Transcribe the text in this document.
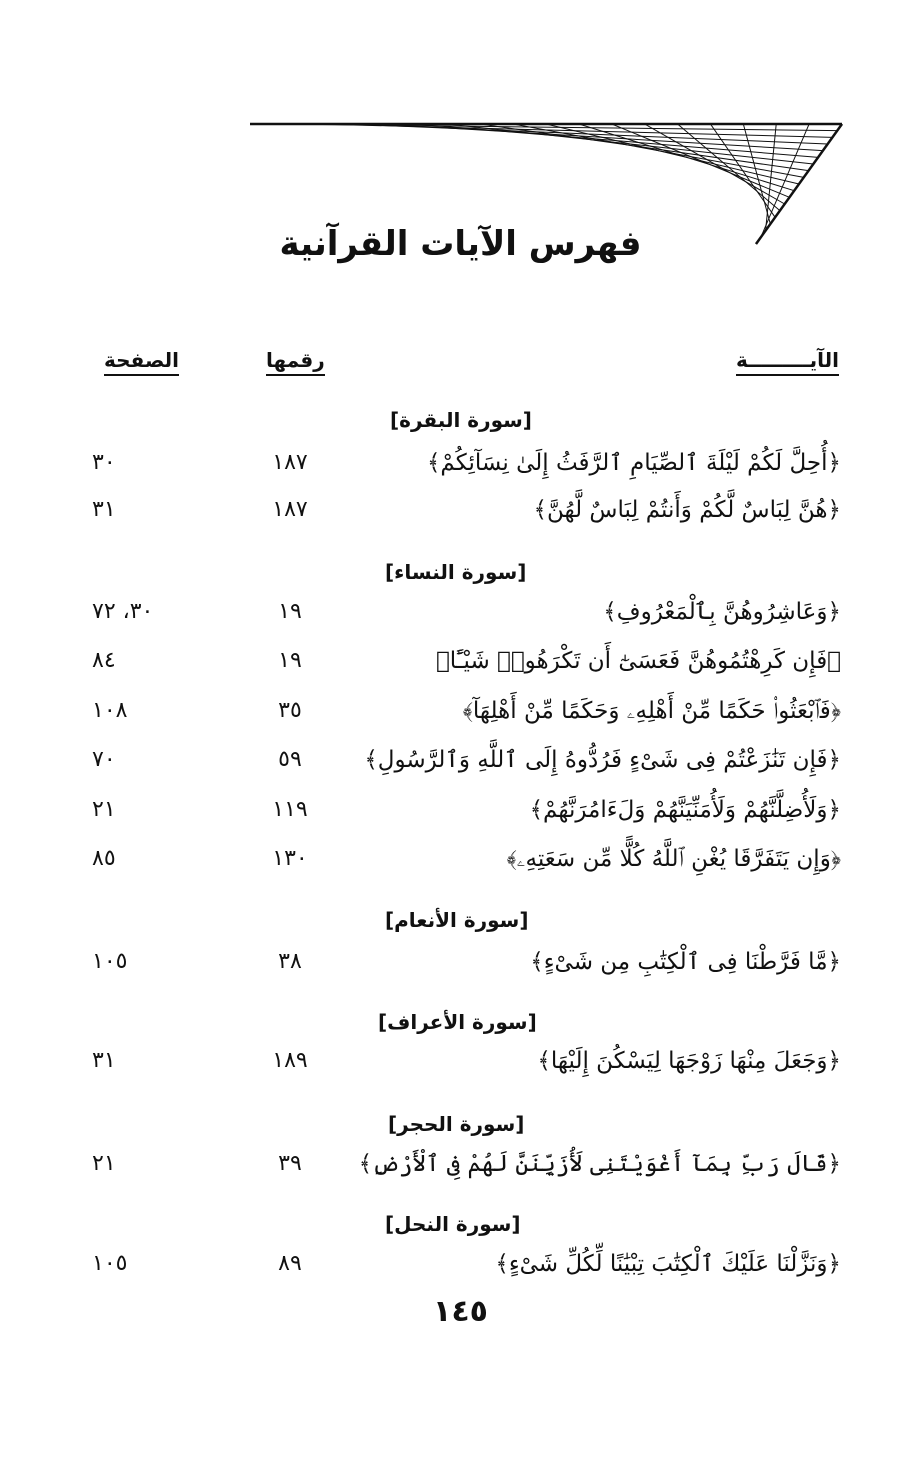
فهرس الآيات القرآنية
الآيـــــــــة
رقمها
الصفحة
[سورة البقرة]
﴿أُحِلَّ لَكُمْ لَيْلَةَ ٱلصِّيَامِ ٱلرَّفَثُ إِلَىٰ نِسَآئِكُمْ﴾
١٨٧
٣٠
﴿هُنَّ لِبَاسٌ لَّكُمْ وَأَنتُمْ لِبَاسٌ لَّهُنَّ﴾
١٨٧
٣١
[سورة النساء]
﴿وَعَاشِرُوهُنَّ بِٱلْمَعْرُوفِ﴾
١٩
٣٠، ٧٢
﴿فَإِن كَرِهْتُمُوهُنَّ فَعَسَىٰٓ أَن تَكْرَهُوا۟ شَيْـًٔا﴾
١٩
٨٤
﴿فَٱبْعَثُوا۟ حَكَمًا مِّنْ أَهْلِهِۦ وَحَكَمًا مِّنْ أَهْلِهَآ﴾
٣٥
١٠٨
﴿فَإِن تَنَٰزَعْتُمْ فِى شَىْءٍ فَرُدُّوهُ إِلَى ٱللَّهِ وَٱلرَّسُولِ﴾
٥٩
٧٠
﴿وَلَأُضِلَّنَّهُمْ وَلَأُمَنِّيَنَّهُمْ وَلَءَامُرَنَّهُمْ﴾
١١٩
٢١
﴿وَإِن يَتَفَرَّقَا يُغْنِ ٱللَّهُ كُلًّا مِّن سَعَتِهِۦ﴾
١٣٠
٨٥
[سورة الأنعام]
﴿مَّا فَرَّطْنَا فِى ٱلْكِتَٰبِ مِن شَىْءٍ﴾
٣٨
١٠٥
[سورة الأعراف]
﴿وَجَعَلَ مِنْهَا زَوْجَهَا لِيَسْكُنَ إِلَيْهَا﴾
١٨٩
٣١
[سورة الحجر]
﴿قَالَ رَبِّ بِمَآ أَغْوَيْتَنِى لَأُزَيِّنَنَّ لَهُمْ فِى ٱلْأَرْضِ﴾
٣٩
٢١
[سورة النحل]
﴿وَنَزَّلْنَا عَلَيْكَ ٱلْكِتَٰبَ تِبْيَٰنًا لِّكُلِّ شَىْءٍ﴾
٨٩
١٠٥
١٤٥
